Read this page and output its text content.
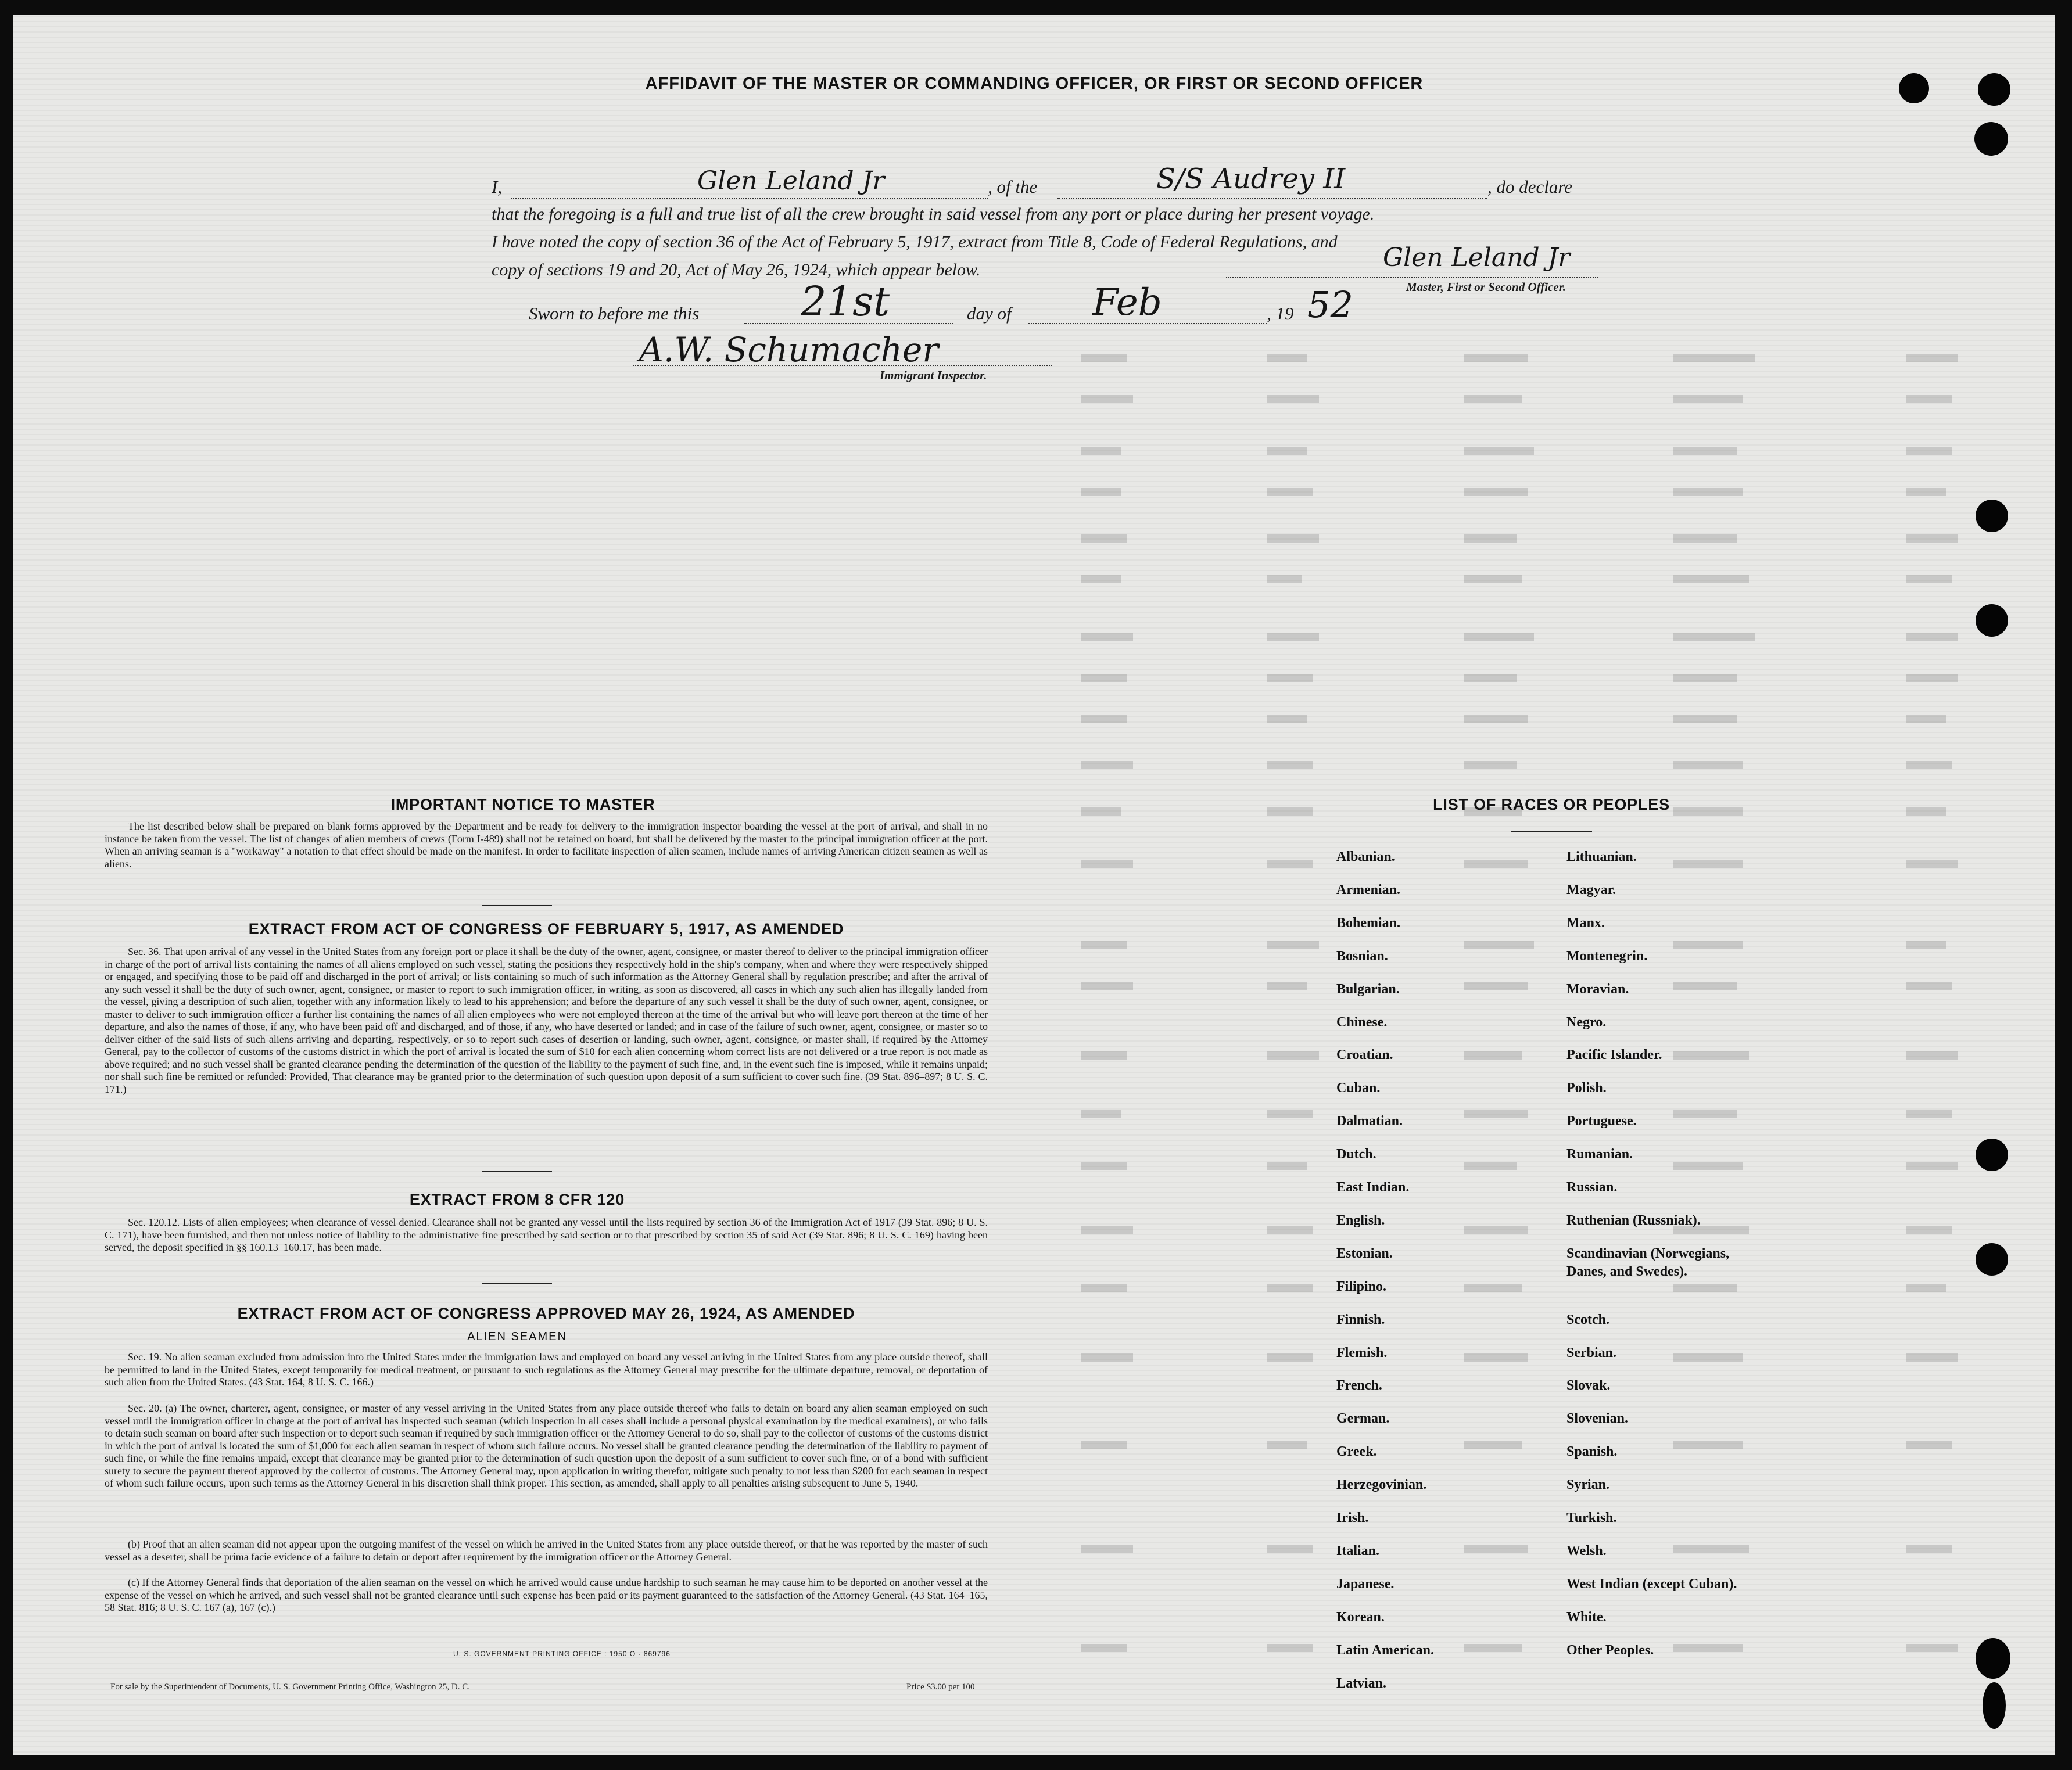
AFFIDAVIT OF THE MASTER OR COMMANDING OFFICER, OR FIRST OR SECOND OFFICER
I,	Glen Leland Jr	, of the	S/S Audrey II	, do declare
that the foregoing is a full and true list of all the crew brought in said vessel from any port or place during her present voyage.
I have noted the copy of section 36 of the Act of February 5, 1917, extract from Title 8, Code of Federal Regulations, and
copy of sections 19 and 20, Act of May 26, 1924, which appear below.	Glen Leland Jr
Master, First or Second Officer.
Sworn to before me this 21st	day of Feb	, 19 52
A.W. Schumacher
Immigrant Inspector.
IMPORTANT NOTICE TO MASTER
The list described below shall be prepared on blank forms approved by the Department and be ready for delivery to the immigration inspector boarding the vessel at the port of arrival, and shall in no instance be taken from the vessel. The list of changes of alien members of crews (Form I-489) shall not be retained on board, but shall be delivered by the master to the principal immigration officer at the port. When an arriving seaman is a "workaway" a notation to that effect should be made on the manifest. In order to facilitate inspection of alien seamen, include names of arriving American citizen seamen as well as aliens.
EXTRACT FROM ACT OF CONGRESS OF FEBRUARY 5, 1917, AS AMENDED
Sec. 36. That upon arrival of any vessel in the United States from any foreign port or place it shall be the duty of the owner, agent, consignee, or master thereof to deliver to the principal immigration officer in charge of the port of arrival lists containing the names of all aliens employed on such vessel, stating the positions they respectively hold in the ship's company, when and where they were respectively shipped or engaged, and specifying those to be paid off and discharged in the port of arrival; or lists containing so much of such information as the Attorney General shall by regulation prescribe; and after the arrival of any such vessel it shall be the duty of such owner, agent, consignee, or master to report to such immigration officer, in writing, as soon as discovered, all cases in which any such alien has illegally landed from the vessel, giving a description of such alien, together with any information likely to lead to his apprehension; and before the departure of any such vessel it shall be the duty of such owner, agent, consignee, or master to deliver to such immigration officer a further list containing the names of all alien employees who were not employed thereon at the time of the arrival but who will leave port thereon at the time of her departure, and also the names of those, if any, who have been paid off and discharged, and of those, if any, who have deserted or landed; and in case of the failure of such owner, agent, consignee, or master so to deliver either of the said lists of such aliens arriving and departing, respectively, or so to report such cases of desertion or landing, such owner, agent, consignee, or master shall, if required by the Attorney General, pay to the collector of customs of the customs district in which the port of arrival is located the sum of $10 for each alien concerning whom correct lists are not delivered or a true report is not made as above required; and no such vessel shall be granted clearance pending the determination of the question of the liability to the payment of such fine, and, in the event such fine is imposed, while it remains unpaid; nor shall such fine be remitted or refunded: Provided, That clearance may be granted prior to the determination of such question upon deposit of a sum sufficient to cover such fine. (39 Stat. 896–897; 8 U. S. C. 171.)
EXTRACT FROM 8 CFR 120
Sec. 120.12. Lists of alien employees; when clearance of vessel denied. Clearance shall not be granted any vessel until the lists required by section 36 of the Immigration Act of 1917 (39 Stat. 896; 8 U. S. C. 171), have been furnished, and then not unless notice of liability to the administrative fine prescribed by said section or to that prescribed by section 35 of said Act (39 Stat. 896; 8 U. S. C. 169) having been served, the deposit specified in §§ 160.13–160.17, has been made.
EXTRACT FROM ACT OF CONGRESS APPROVED MAY 26, 1924, AS AMENDED
ALIEN SEAMEN
Sec. 19. No alien seaman excluded from admission into the United States under the immigration laws and employed on board any vessel arriving in the United States from any place outside thereof, shall be permitted to land in the United States, except temporarily for medical treatment, or pursuant to such regulations as the Attorney General may prescribe for the ultimate departure, removal, or deportation of such alien from the United States. (43 Stat. 164, 8 U. S. C. 166.)
Sec. 20. (a) The owner, charterer, agent, consignee, or master of any vessel arriving in the United States from any place outside thereof who fails to detain on board any alien seaman employed on such vessel until the immigration officer in charge at the port of arrival has inspected such seaman (which inspection in all cases shall include a personal physical examination by the medical examiners), or who fails to detain such seaman on board after such inspection or to deport such seaman if required by such immigration officer or the Attorney General to do so, shall pay to the collector of customs of the customs district in which the port of arrival is located the sum of $1,000 for each alien seaman in respect of whom such failure occurs. No vessel shall be granted clearance pending the determination of the liability to payment of such fine, or while the fine remains unpaid, except that clearance may be granted prior to the determination of such question upon the deposit of a sum sufficient to cover such fine, or of a bond with sufficient surety to secure the payment thereof approved by the collector of customs. The Attorney General may, upon application in writing therefor, mitigate such penalty to not less than $200 for each seaman in respect of whom such failure occurs, upon such terms as the Attorney General in his discretion shall think proper. This section, as amended, shall apply to all penalties arising subsequent to June 5, 1940.
(b) Proof that an alien seaman did not appear upon the outgoing manifest of the vessel on which he arrived in the United States from any place outside thereof, or that he was reported by the master of such vessel as a deserter, shall be prima facie evidence of a failure to detain or deport after requirement by the immigration officer or the Attorney General.
(c) If the Attorney General finds that deportation of the alien seaman on the vessel on which he arrived would cause undue hardship to such seaman he may cause him to be deported on another vessel at the expense of the vessel on which he arrived, and such vessel shall not be granted clearance until such expense has been paid or its payment guaranteed to the satisfaction of the Attorney General. (43 Stat. 164–165, 58 Stat. 816; 8 U. S. C. 167 (a), 167 (c).)
U. S. GOVERNMENT PRINTING OFFICE : 1950 O - 869796
For sale by the Superintendent of Documents, U. S. Government Printing Office, Washington 25, D. C.	Price $3.00 per 100
LIST OF RACES OR PEOPLES
Albanian.
Armenian.
Bohemian.
Bosnian.
Bulgarian.
Chinese.
Croatian.
Cuban.
Dalmatian.
Dutch.
East Indian.
English.
Estonian.
Filipino.
Finnish.
Flemish.
French.
German.
Greek.
Herzegovinian.
Irish.
Italian.
Japanese.
Korean.
Latin American.
Latvian.
Lithuanian.
Magyar.
Manx.
Montenegrin.
Moravian.
Negro.
Pacific Islander.
Polish.
Portuguese.
Rumanian.
Russian.
Ruthenian (Russniak).
Scandinavian (Norwegians,
Danes, and Swedes).
Scotch.
Serbian.
Slovak.
Slovenian.
Spanish.
Syrian.
Turkish.
Welsh.
West Indian (except Cuban).
White.
Other Peoples.
